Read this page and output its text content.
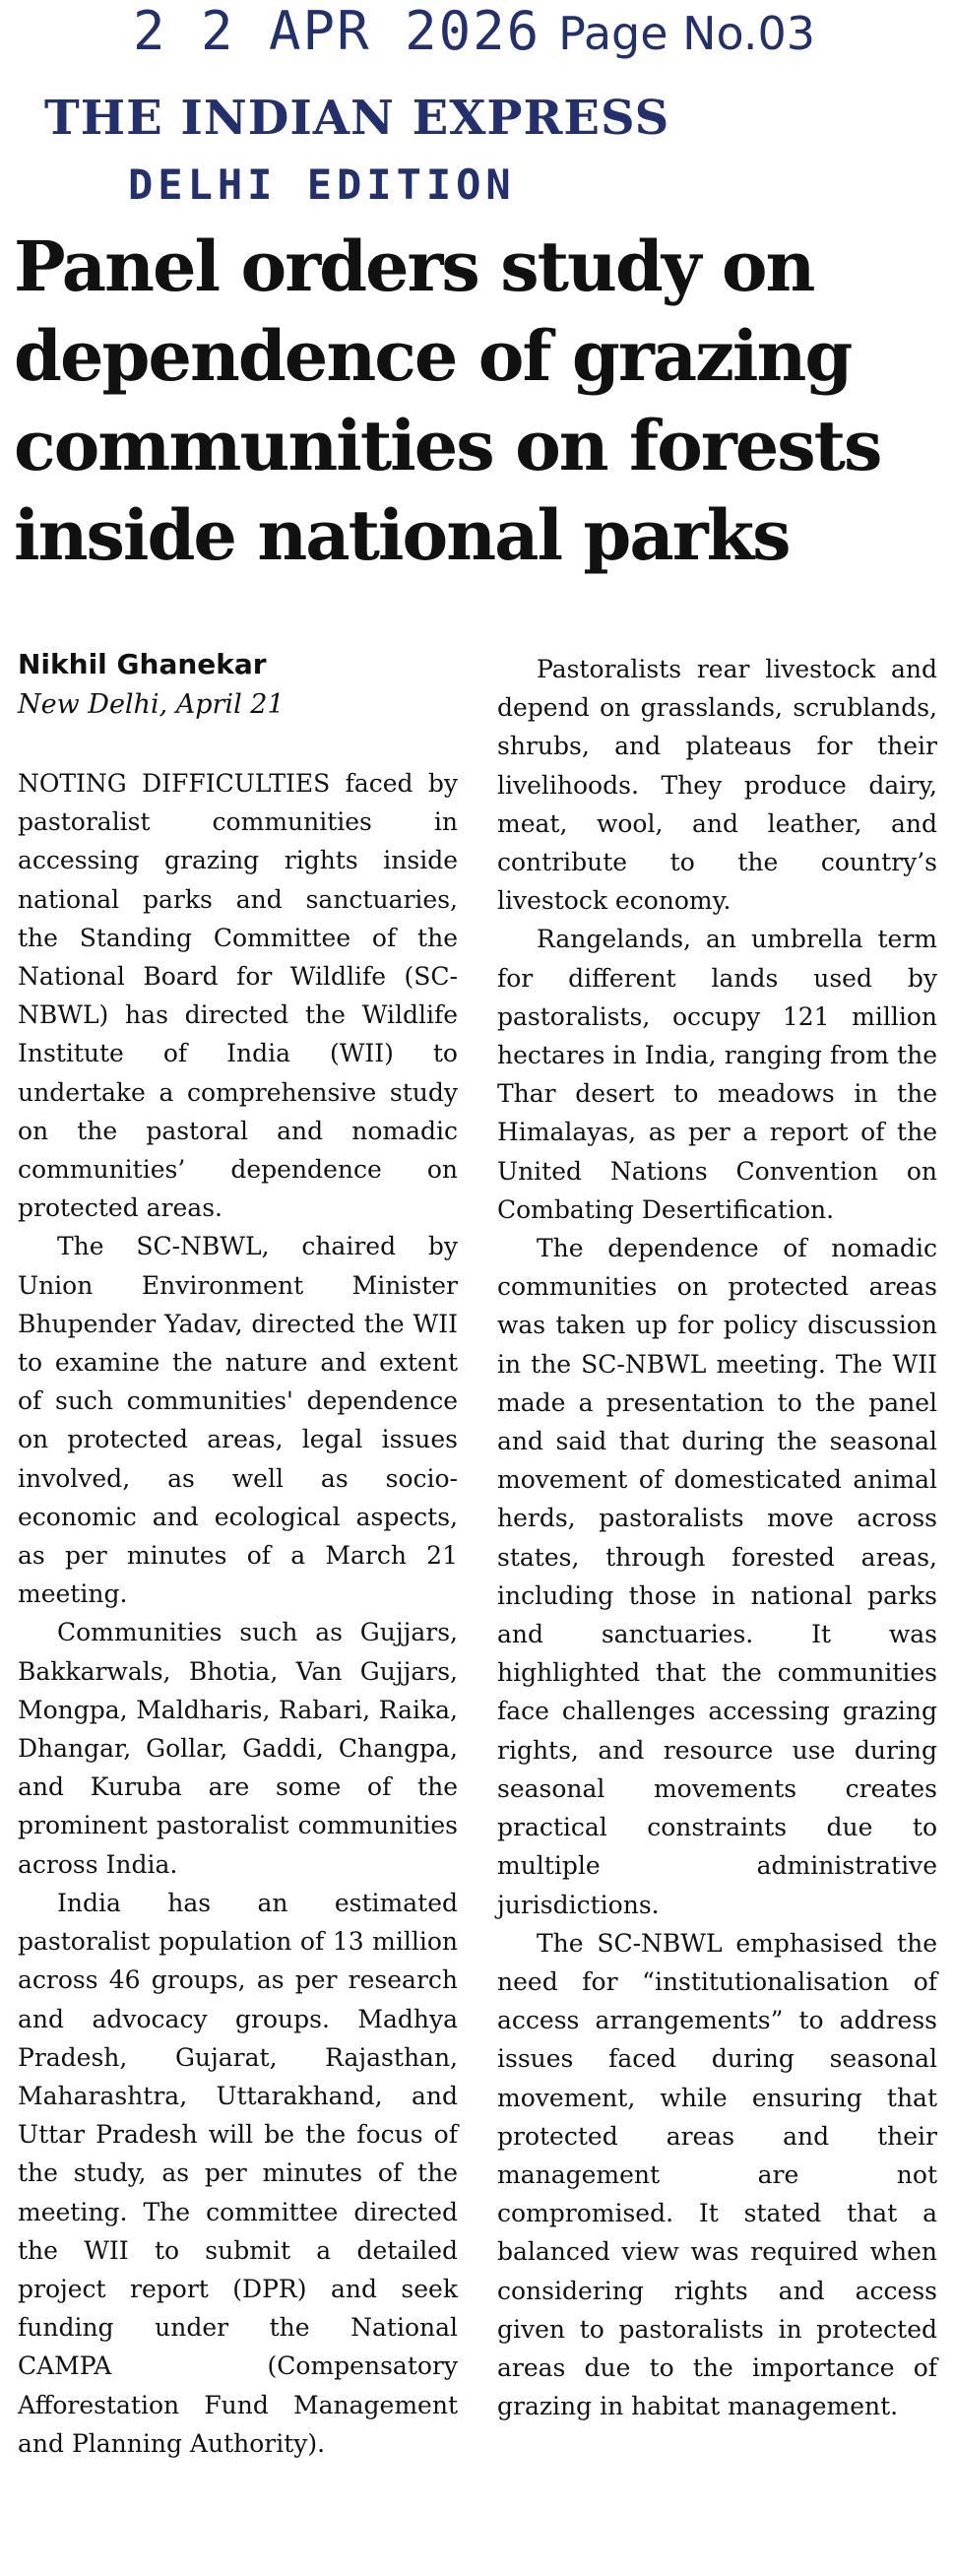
2 2 APR 2026 Page No.03
THE INDIAN EXPRESS
DELHI EDITION
Panel orders study on
dependence of grazing
communities on forests
inside national parks
Nikhil Ghanekar
New Delhi, April 21

NOTING DIFFICULTIES faced by pastoralist communities in accessing grazing rights inside national parks and sanctuaries, the Standing Committee of the National Board for Wildlife (SC-NBWL) has directed the Wildlife Institute of India (WII) to undertake a comprehensive study on the pastoral and nomadic communities’ dependence on protected areas.

The SC-NBWL, chaired by Union Environment Minister Bhupender Yadav, directed the WII to examine the nature and extent of such communities' dependence on protected areas, legal issues involved, as well as socio-economic and ecological aspects, as per minutes of a March 21 meeting.

Communities such as Gujjars, Bakkarwals, Bhotia, Van Gujjars, Mongpa, Maldharis, Rabari, Raika, Dhangar, Gollar, Gaddi, Changpa, and Kuruba are some of the prominent pastoralist communities across India.

India has an estimated pastoralist population of 13 million across 46 groups, as per research and advocacy groups. Madhya Pradesh, Gujarat, Rajasthan, Maharashtra, Uttarakhand, and Uttar Pradesh will be the focus of the study, as per minutes of the meeting. The committee directed the WII to submit a detailed project report (DPR) and seek funding under the National CAMPA (Compensatory Afforestation Fund Management and Planning Authority).

Pastoralists rear livestock and depend on grasslands, scrublands, shrubs, and plateaus for their livelihoods. They produce dairy, meat, wool, and leather, and contribute to the country’s livestock economy.

Rangelands, an umbrella term for different lands used by pastoralists, occupy 121 million hectares in India, ranging from the Thar desert to meadows in the Himalayas, as per a report of the United Nations Convention on Combating Desertification.

The dependence of nomadic communities on protected areas was taken up for policy discussion in the SC-NBWL meeting. The WII made a presentation to the panel and said that during the seasonal movement of domesticated animal herds, pastoralists move across states, through forested areas, including those in national parks and sanctuaries. It was highlighted that the communities face challenges accessing grazing rights, and resource use during seasonal movements creates practical constraints due to multiple administrative jurisdictions.

The SC-NBWL emphasised the need for “institutionalisation of access arrangements” to address issues faced during seasonal movement, while ensuring that protected areas and their management are not compromised. It stated that a balanced view was required when considering rights and access given to pastoralists in protected areas due to the importance of grazing in habitat management.
